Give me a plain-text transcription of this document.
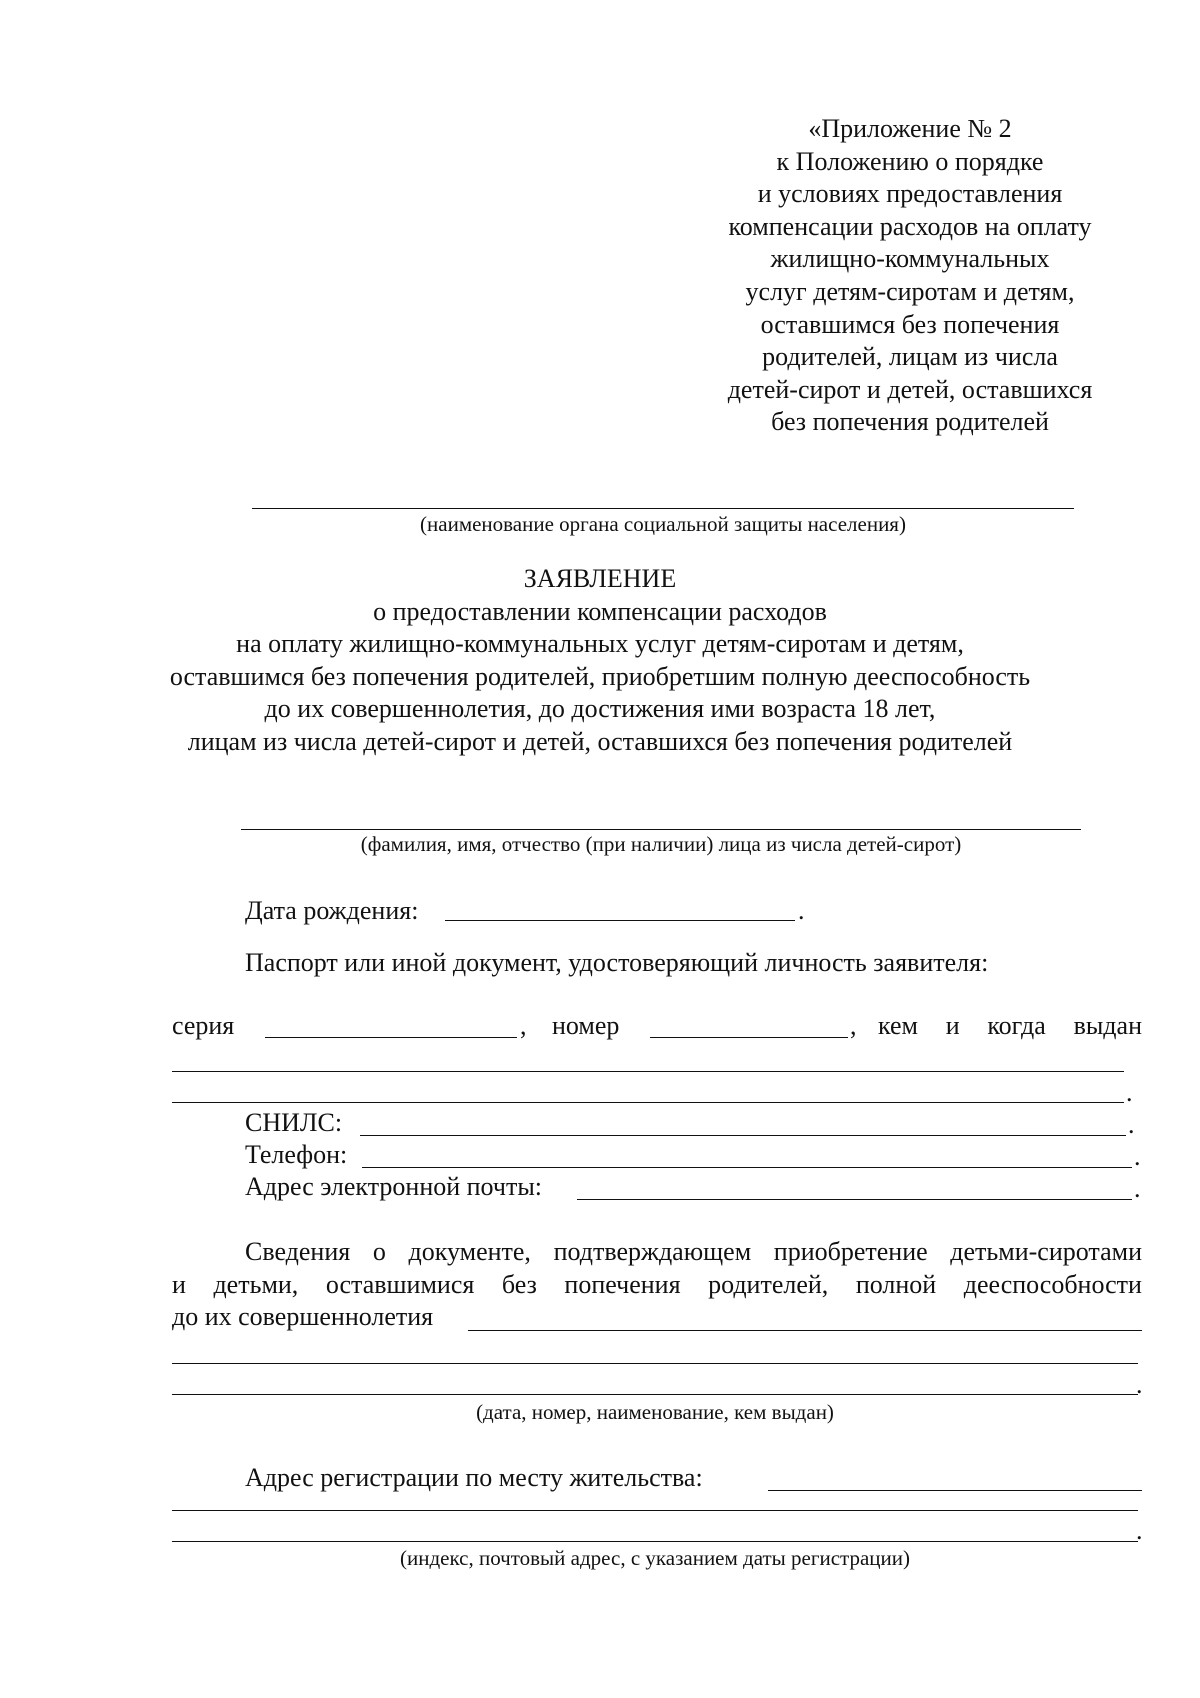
«Приложение № 2
к Положению о порядке
и условиях предоставления
компенсации расходов на оплату
жилищно-коммунальных
услуг детям-сиротам и детям,
оставшимся без попечения
родителей, лицам из числа
детей-сирот и детей, оставшихся
без попечения родителей
(наименование органа социальной защиты населения)
ЗАЯВЛЕНИЕ
о предоставлении компенсации расходов
на оплату жилищно-коммунальных услуг детям-сиротам и детям,
оставшимся без попечения родителей, приобретшим полную дееспособность
до их совершеннолетия, до достижения ими возраста 18 лет,
лицам из числа детей-сирот и детей, оставшихся без попечения родителей
(фамилия, имя, отчество (при наличии) лица из числа детей-сирот)
Дата рождения:	.
Паспорт или иной документ, удостоверяющий личность заявителя:
серия	, номер	, кем и когда выдан
.
СНИЛС:	.
Телефон:	.
Адрес электронной почты:	.
Сведения о документе, подтверждающем приобретение детьми-сиротами
и детьми, оставшимися без попечения родителей, полной дееспособности
до их совершеннолетия
.
(дата, номер, наименование, кем выдан)
Адрес регистрации по месту жительства:
.
(индекс, почтовый адрес, с указанием даты регистрации)
